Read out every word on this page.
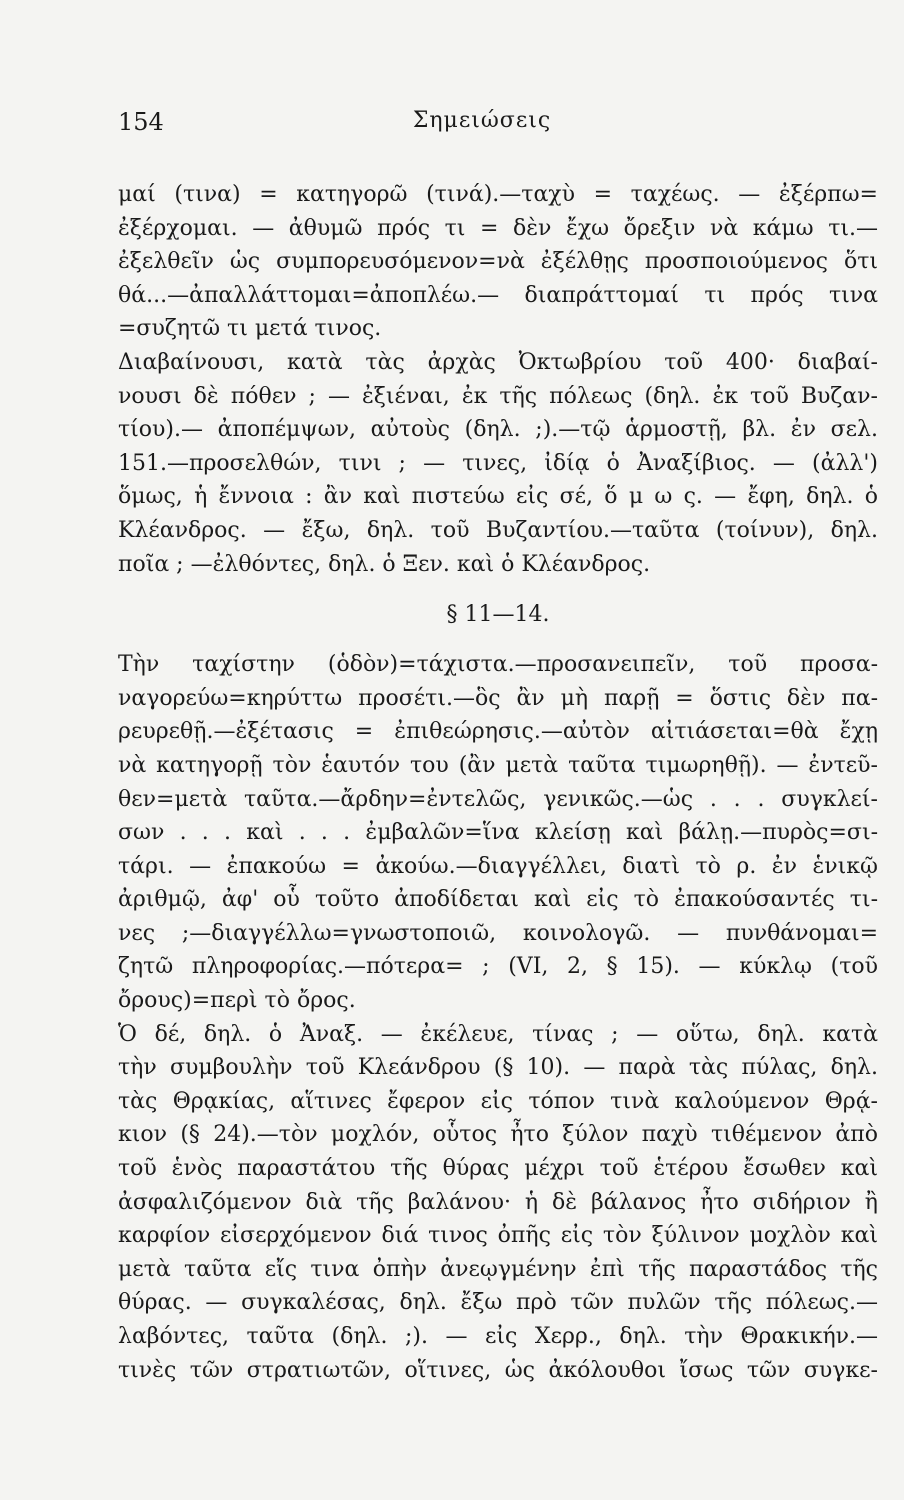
154	Σημειώσεις
μαί (τινα) = κατηγορῶ (τινά).—ταχὺ = ταχέως. — ἐξέρπω=
ἐξέρχομαι. — ἀθυμῶ πρός τι = δὲν ἔχω ὄρεξιν νὰ κάμω τι.—
ἐξελθεῖν ὡς συμπορευσόμενον=νὰ ἐξέλθῃς προσποιούμενος ὅτι
θά...—ἀπαλλάττομαι=ἀποπλέω.— διαπράττομαί τι πρός τινα
=συζητῶ τι μετά τινος.
Διαβαίνουσι, κατὰ τὰς ἀρχὰς Ὀκτωβρίου τοῦ 400· διαβαί-
νουσι δὲ πόθεν ; — ἐξιέναι, ἐκ τῆς πόλεως (δηλ. ἐκ τοῦ Βυζαν-
τίου).— ἀποπέμψων, αὐτοὺς (δηλ. ;).—τῷ ἁρμοστῇ, βλ. ἐν σελ.
151.—προσελθών, τινι ; — τινες, ἰδίᾳ ὁ Ἀναξίβιος. — (ἀλλ')
ὅμως, ἡ ἔννοια : ἂν καὶ πιστεύω εἰς σέ, ὅ μ ω ς. — ἔφη, δηλ. ὁ
Κλέανδρος. — ἔξω, δηλ. τοῦ Βυζαντίου.—ταῦτα (τοίνυν), δηλ.
ποῖα ; —ἐλθόντες, δηλ. ὁ Ξεν. καὶ ὁ Κλέανδρος.
§ 11—14.
Τὴν ταχίστην (ὁδὸν)=τάχιστα.—προσανειπεῖν, τοῦ προσα-
ναγορεύω=κηρύττω προσέτι.—ὃς ἂν μὴ παρῇ = ὅστις δὲν πα-
ρευρεθῇ.—ἐξέτασις = ἐπιθεώρησις.—αὐτὸν αἰτιάσεται=θὰ ἔχῃ
νὰ κατηγορῇ τὸν ἑαυτόν του (ἂν μετὰ ταῦτα τιμωρηθῇ). — ἐντεῦ-
θεν=μετὰ ταῦτα.—ἄρδην=ἐντελῶς, γενικῶς.—ὡς . . . συγκλεί-
σων . . . καὶ . . . ἐμβαλῶν=ἵνα κλείσῃ καὶ βάλῃ.—πυρὸς=σι-
τάρι. — ἐπακούω = ἀκούω.—διαγγέλλει, διατὶ τὸ ρ. ἐν ἑνικῷ
ἀριθμῷ, ἀφ' οὗ τοῦτο ἀποδίδεται καὶ εἰς τὸ ἐπακούσαντές τι-
νες ;—διαγγέλλω=γνωστοποιῶ, κοινολογῶ. — πυνθάνομαι=
ζητῶ πληροφορίας.—πότερα= ; (VI, 2, § 15). — κύκλῳ (τοῦ
ὄρους)=περὶ τὸ ὄρος.
Ὁ δέ, δηλ. ὁ Ἀναξ. — ἐκέλευε, τίνας ; — οὕτω, δηλ. κατὰ
τὴν συμβουλὴν τοῦ Κλεάνδρου (§ 10). — παρὰ τὰς πύλας, δηλ.
τὰς Θρᾳκίας, αἵτινες ἔφερον εἰς τόπον τινὰ καλούμενον Θρᾴ-
κιον (§ 24).—τὸν μοχλόν, οὗτος ἦτο ξύλον παχὺ τιθέμενον ἀπὸ
τοῦ ἑνὸς παραστάτου τῆς θύρας μέχρι τοῦ ἑτέρου ἔσωθεν καὶ
ἀσφαλιζόμενον διὰ τῆς βαλάνου· ἡ δὲ βάλανος ἦτο σιδήριον ἢ
καρφίον εἰσερχόμενον διά τινος ὀπῆς εἰς τὸν ξύλινον μοχλὸν καὶ
μετὰ ταῦτα εἴς τινα ὀπὴν ἀνεῳγμένην ἐπὶ τῆς παραστάδος τῆς
θύρας. — συγκαλέσας, δηλ. ἔξω πρὸ τῶν πυλῶν τῆς πόλεως.—
λαβόντες, ταῦτα (δηλ. ;). — εἰς Χερρ., δηλ. τὴν Θρακικήν.—
τινὲς τῶν στρατιωτῶν, οἵτινες, ὡς ἀκόλουθοι ἴσως τῶν συγκε-
